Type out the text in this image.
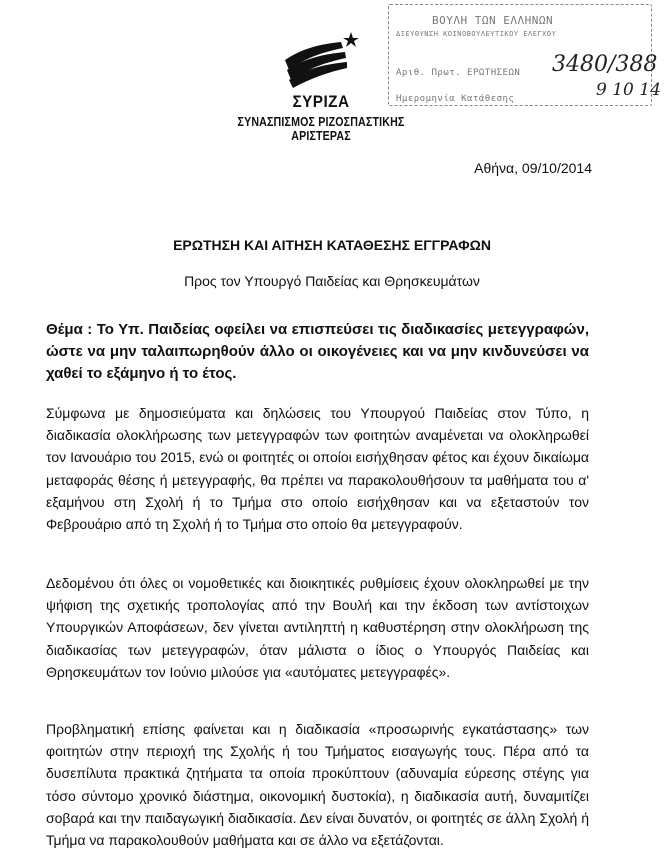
ΣΥΡΙΖΑ
ΣΥΝΑΣΠΙΣΜΟΣ ΡΙΖΟΣΠΑΣΤΙΚΗΣ ΑΡΙΣΤΕΡΑΣ
ΒΟΥΛΗ ΤΩΝ ΕΛΛΗΝΩΝ
ΔΙΕΥΘΥΝΣΗ ΚΟΙΝΟΒΟΥΛΕΥΤΙΚΟΥ ΕΛΕΓΧΟΥ
Αριθ. Πρωτ. ΕΡΩΤΗΣΕΩΝ
Ημερομηνία Κατάθεσης
3480/388
9 10 14
Αθήνα, 09/10/2014
ΕΡΩΤΗΣΗ ΚΑΙ ΑΙΤΗΣΗ ΚΑΤΑΘΕΣΗΣ ΕΓΓΡΑΦΩΝ
Προς τον Υπουργό Παιδείας και Θρησκευμάτων
Θέμα : Το Υπ. Παιδείας οφείλει να επισπεύσει τις διαδικασίες μετεγγραφών, ώστε να μην ταλαιπωρηθούν άλλο οι οικογένειες και να μην κινδυνεύσει να χαθεί το εξάμηνο ή το έτος.
Σύμφωνα με δημοσιεύματα και δηλώσεις του Υπουργού Παιδείας στον Τύπο, η διαδικασία ολοκλήρωσης των μετεγγραφών των φοιτητών αναμένεται να ολοκληρωθεί τον Ιανουάριο του 2015, ενώ οι φοιτητές οι οποίοι εισήχθησαν φέτος και έχουν δικαίωμα μεταφοράς θέσης ή μετεγγραφής, θα πρέπει να παρακολουθήσουν τα μαθήματα του α' εξαμήνου στη Σχολή ή το Τμήμα στο οποίο εισήχθησαν και να εξεταστούν τον Φεβρουάριο από τη Σχολή ή το Τμήμα στο οποίο θα μετεγγραφούν.
Δεδομένου ότι όλες οι νομοθετικές και διοικητικές ρυθμίσεις έχουν ολοκληρωθεί με την ψήφιση της σχετικής τροπολογίας από την Βουλή και την έκδοση των αντίστοιχων Υπουργικών Αποφάσεων, δεν γίνεται αντιληπτή η καθυστέρηση στην ολοκλήρωση της διαδικασίας των μετεγγραφών, όταν μάλιστα ο ίδιος ο Υπουργός Παιδείας και Θρησκευμάτων τον Ιούνιο μιλούσε για «αυτόματες μετεγγραφές».
Προβληματική επίσης φαίνεται και η διαδικασία «προσωρινής εγκατάστασης» των φοιτητών στην περιοχή της Σχολής ή του Τμήματος εισαγωγής τους. Πέρα από τα δυσεπίλυτα πρακτικά ζητήματα τα οποία προκύπτουν (αδυναμία εύρεσης στέγης για τόσο σύντομο χρονικό διάστημα, οικονομική δυστοκία), η διαδικασία αυτή, δυναμιτίζει σοβαρά και την παιδαγωγική διαδικασία. Δεν είναι δυνατόν, οι φοιτητές σε άλλη Σχολή ή Τμήμα να παρακολουθούν μαθήματα και σε άλλο να εξετάζονται.
